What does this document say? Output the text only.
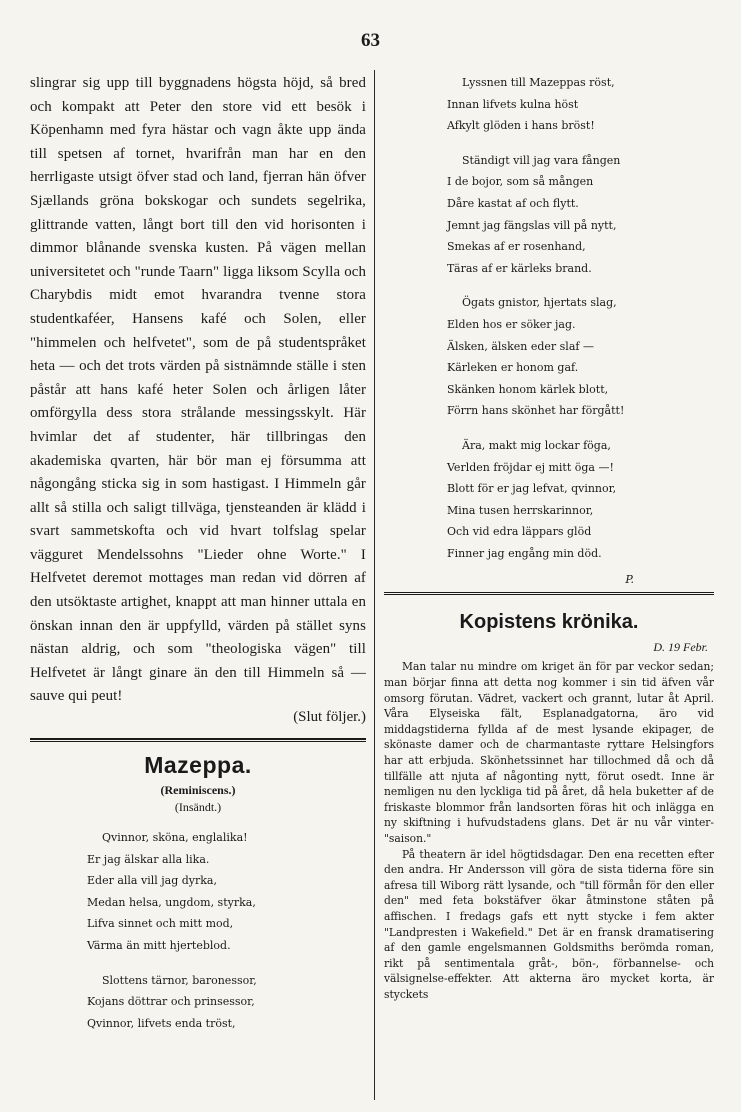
63

slingrar sig upp till byggnadens högsta höjd, så bred och kompakt att Peter den store vid ett besök i Köpenhamn med fyra hästar och vagn åkte upp ända till spetsen af tornet, hvarifrån man har en den herrligaste utsigt öfver stad och land, fjerran hän öfver Sjællands gröna bokskogar och sundets segelrika, glittrande vatten, långt bort till den vid horisonten i dimmor blånande svenska kusten. På vägen mellan universitetet och "runde Taarn" ligga liksom Scylla och Charybdis midt emot hvarandra tvenne stora studentkaféer, Hansens kafé och Solen, eller "himmelen och helfvetet", som de på studentspråket heta — och det trots värden på sistnämnde ställe i sten påstår att hans kafé heter Solen och årligen låter omförgylla dess stora strålande messingsskylt. Här hvimlar det af studenter, här tillbringas den akademiska qvarten, här bör man ej försumma att någongång sticka sig in som hastigast. I Himmeln går allt så stilla och saligt tillväga, tjensteanden är klädd i svart sammetskofta och vid hvart tolfslag spelar vägguret Mendelssohns "Lieder ohne Worte." I Helfvetet deremot mottages man redan vid dörren af den utsöktaste artighet, knappt att man hinner uttala en önskan innan den är uppfylld, värden på stället syns nästan aldrig, och som "theologiska vägen" till Helfvetet är långt ginare än den till Himmeln så — sauve qui peut!

(Slut följer.)
Mazeppa.
(Reminiscens.)
(Insändt.)
Qvinnor, sköna, englalika!
Er jag älskar alla lika.
Eder alla vill jag dyrka,
Medan helsa, ungdom, styrka,
Lifva sinnet och mitt mod,
Värma än mitt hjerteblod.
Slottens tärnor, baronessor,
Kojans döttrar och prinsessor,
Qvinnor, lifvets enda tröst,
Lyssnen till Mazeppas röst,
Innan lifvets kulna höst
Afkylt glöden i hans bröst!
Ständigt vill jag vara fången
I de bojor, som så mången
Dåre kastat af och flytt.
Jemnt jag fängslas vill på nytt,
Smekas af er rosenhand,
Täras af er kärleks brand.
Ögats gnistor, hjertats slag,
Elden hos er söker jag.
Älsken, älsken eder slaf —
Kärleken er honom gaf.
Skänken honom kärlek blott,
Förrn hans skönhet har förgått!
Ära, makt mig lockar föga,
Verlden fröjdar ej mitt öga —!
Blott för er jag lefvat, qvinnor,
Mina tusen herrskarinnor,
Och vid edra läppars glöd
Finner jag engång min död.
P.
Kopistens krönika.
D. 19 Febr.

Man talar nu mindre om kriget än för par veckor sedan; man börjar finna att detta nog kommer i sin tid äfven vår omsorg förutan. Vädret, vackert och grannt, lutar åt April. Våra Elyseiska fält, Esplanadgatorna, äro vid middagstiderna fyllda af de mest lysande ekipager, de skönaste damer och de charmantaste ryttare Helsingfors har att erbjuda. Skönhetssinnet har tillochmed då och då tillfälle att njuta af någonting nytt, förut osedt. Inne är nemligen nu den lyckliga tid på året, då hela buketter af de friskaste blommor från landsorten föras hit och inlägga en ny skiftning i hufvudstadens glans. Det är nu vår vinter-"saison."

På theatern är idel högtidsdagar. Den ena recetten efter den andra. Hr Andersson vill göra de sista tiderna före sin afresa till Wiborg rätt lysande, och "till förmån för den eller den" med feta bokstäfver ökar åtminstone ståten på affischen. I fredags gafs ett nytt stycke i fem akter "Landpresten i Wakefield." Det är en fransk dramatisering af den gamle engelsmannen Goldsmiths berömda roman, rikt på sentimentala gråt-, bön-, förbannelse- och välsignelse-effekter. Att akterna äro mycket korta, är styckets
